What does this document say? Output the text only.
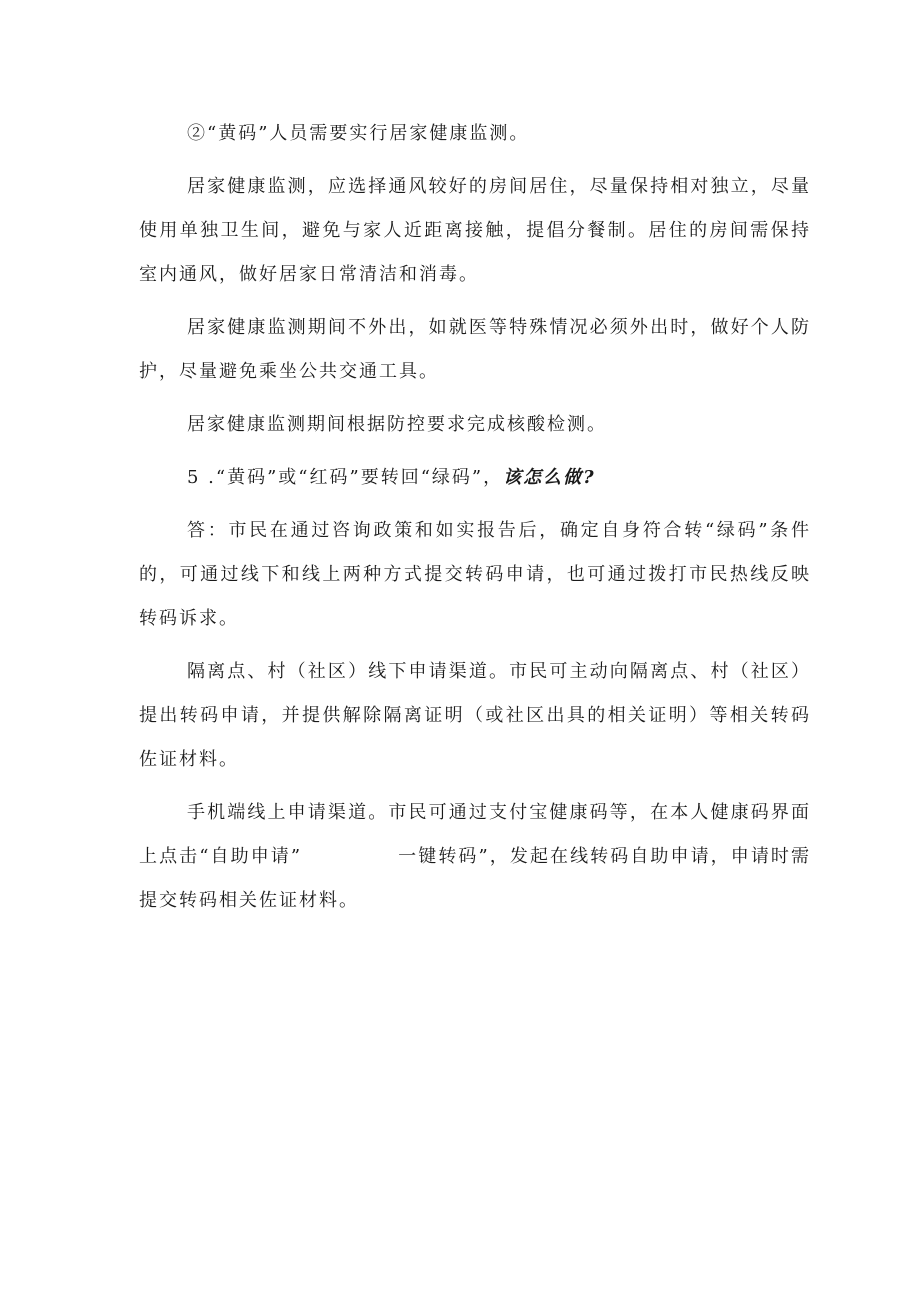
②“黄码”人员需要实行居家健康监测。

居家健康监测，应选择通风较好的房间居住，尽量保持相对独立，尽量使用单独卫生间，避免与家人近距离接触，提倡分餐制。居住的房间需保持室内通风，做好居家日常清洁和消毒。

居家健康监测期间不外出，如就医等特殊情况必须外出时，做好个人防护，尽量避免乘坐公共交通工具。

居家健康监测期间根据防控要求完成核酸检测。

5 .“黄码”或“红码”要转回“绿码”，该怎么做?

答：市民在通过咨询政策和如实报告后，确定自身符合转“绿码”条件的，可通过线下和线上两种方式提交转码申请，也可通过拨打市民热线反映转码诉求。

隔离点、村（社区）线下申请渠道。市民可主动向隔离点、村（社区）提出转码申请，并提供解除隔离证明（或社区出具的相关证明）等相关转码佐证材料。

手机端线上申请渠道。市民可通过支付宝健康码等，在本人健康码界面上点击“自助申请”	一键转码”，发起在线转码自助申请，申请时需提交转码相关佐证材料。
